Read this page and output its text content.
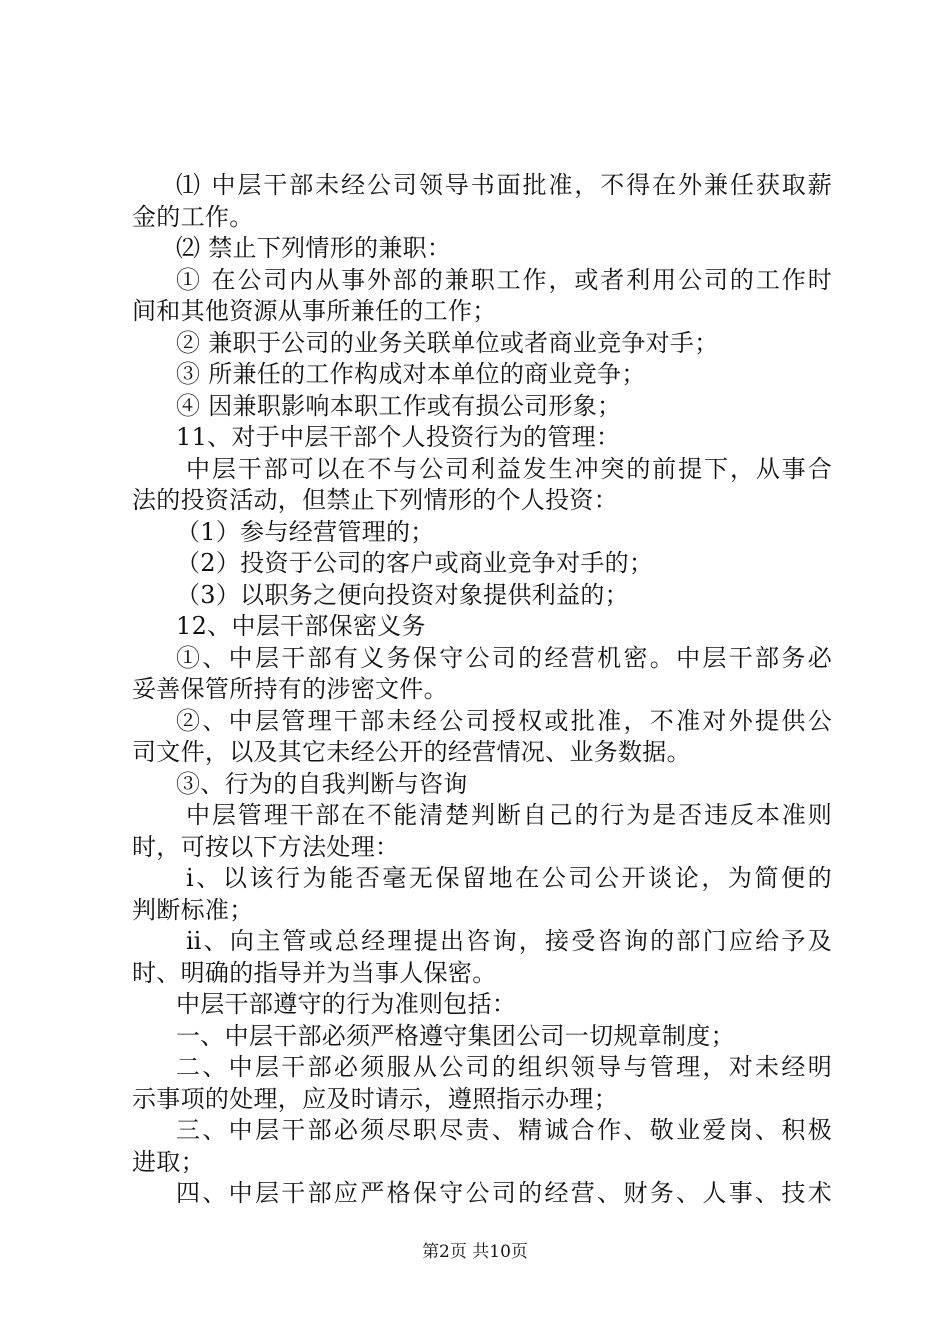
⑴ 中层干部未经公司领导书面批准，不得在外兼任获取薪
金的工作。
⑵ 禁止下列情形的兼职：
① 在公司内从事外部的兼职工作，或者利用公司的工作时
间和其他资源从事所兼任的工作；
② 兼职于公司的业务关联单位或者商业竞争对手；
③ 所兼任的工作构成对本单位的商业竞争；
④ 因兼职影响本职工作或有损公司形象；
11、对于中层干部个人投资行为的管理：
中层干部可以在不与公司利益发生冲突的前提下，从事合
法的投资活动，但禁止下列情形的个人投资：
（1）参与经营管理的；
（2）投资于公司的客户或商业竞争对手的；
（3）以职务之便向投资对象提供利益的；
12、中层干部保密义务
①、中层干部有义务保守公司的经营机密。中层干部务必
妥善保管所持有的涉密文件。
②、中层管理干部未经公司授权或批准，不准对外提供公
司文件，以及其它未经公开的经营情况、业务数据。
③、行为的自我判断与咨询
中层管理干部在不能清楚判断自己的行为是否违反本准则
时，可按以下方法处理：
ⅰ、以该行为能否毫无保留地在公司公开谈论，为简便的
判断标准；
ⅱ、向主管或总经理提出咨询，接受咨询的部门应给予及
时、明确的指导并为当事人保密。
中层干部遵守的行为准则包括：
一、中层干部必须严格遵守集团公司一切规章制度；
二、中层干部必须服从公司的组织领导与管理，对未经明
示事项的处理，应及时请示，遵照指示办理；
三、中层干部必须尽职尽责、精诚合作、敬业爱岗、积极
进取；
四、中层干部应严格保守公司的经营、财务、人事、技术
第2页 共10页
